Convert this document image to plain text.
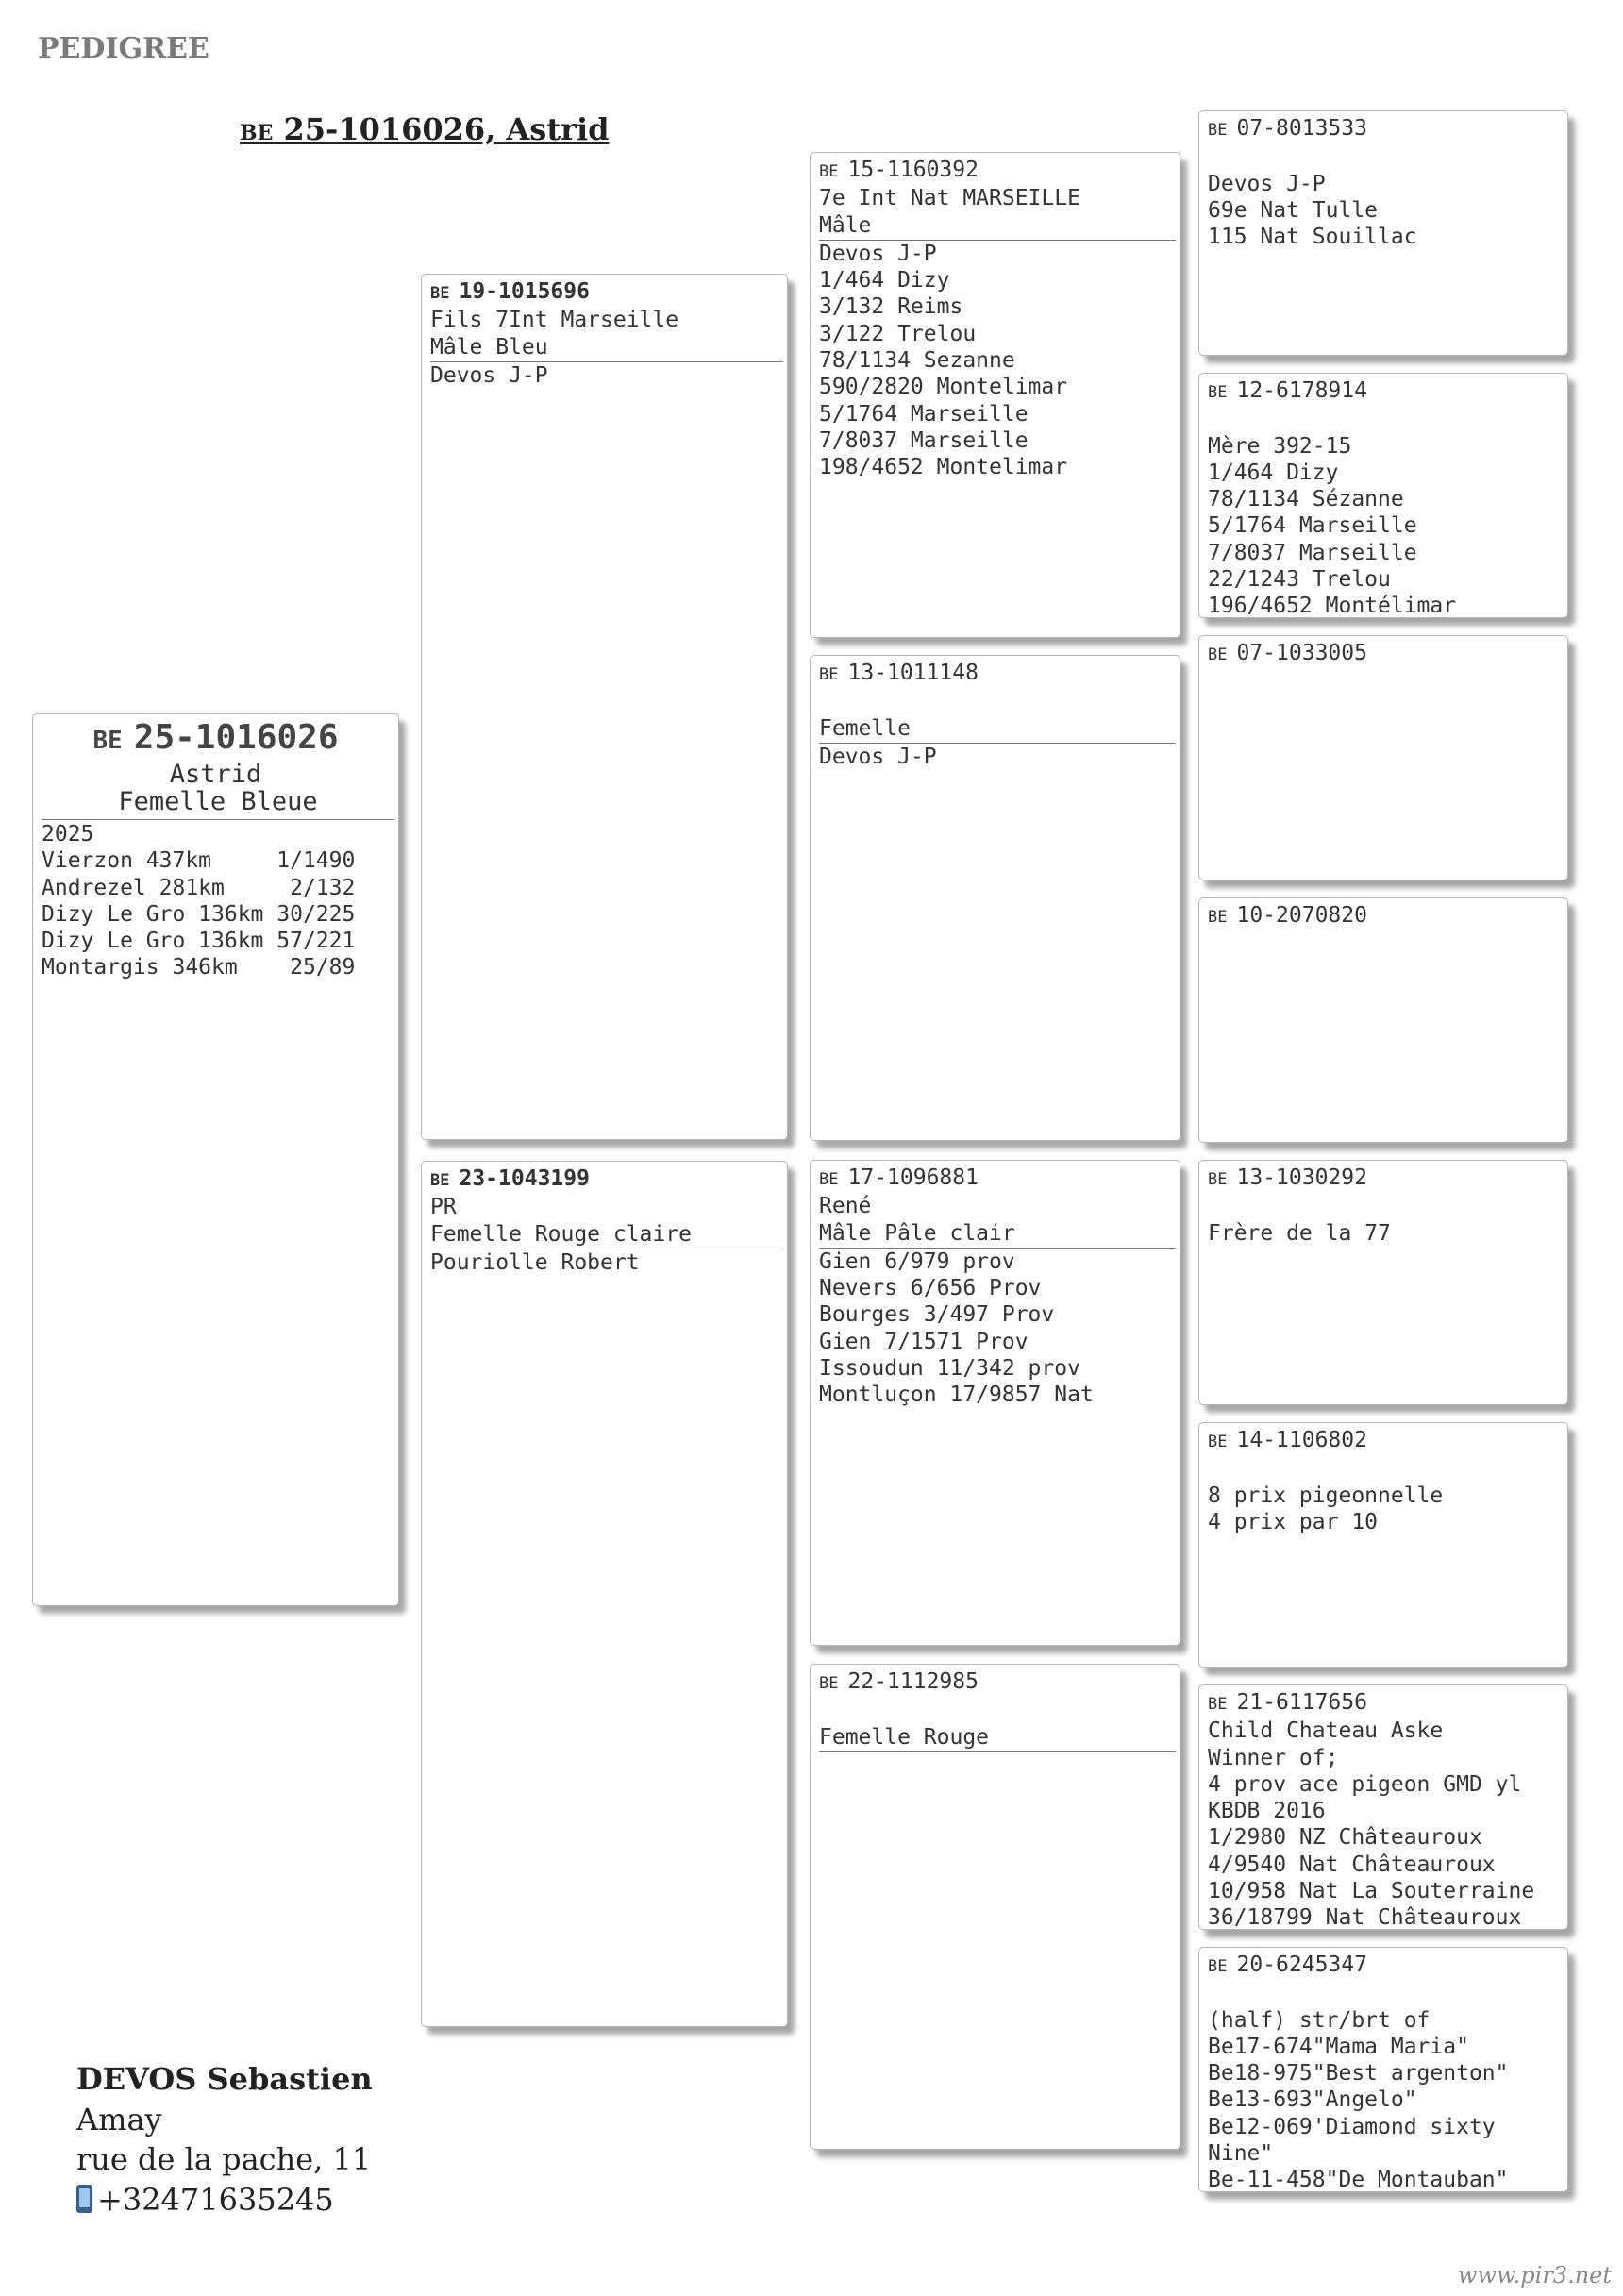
PEDIGREE
BE 25-1016026, Astrid
BE 25-1016026
Astrid
Femelle Bleue
2025
Vierzon 437km     1/1490
Andrezel 281km     2/132
Dizy Le Gro 136km 30/225
Dizy Le Gro 136km 57/221
Montargis 346km    25/89
BE 19-1015696
Fils 7Int Marseille
Mâle Bleu
Devos J-P
BE 23-1043199
PR
Femelle Rouge claire
Pouriolle Robert
BE 15-1160392
7e Int Nat MARSEILLE
Mâle
Devos J-P
1/464 Dizy
3/132 Reims
3/122 Trelou
78/1134 Sezanne
590/2820 Montelimar
5/1764 Marseille
7/8037 Marseille
198/4652 Montelimar
BE 13-1011148
Femelle
Devos J-P
BE 17-1096881
René
Mâle Pâle clair
Gien 6/979 prov
Nevers 6/656 Prov
Bourges 3/497 Prov
Gien 7/1571 Prov
Issoudun 11/342 prov
Montluçon 17/9857 Nat
BE 22-1112985
Femelle Rouge
BE 07-8013533
Devos J-P
69e Nat Tulle
115 Nat Souillac
BE 12-6178914
Mère 392-15
1/464 Dizy
78/1134 Sézanne
5/1764 Marseille
7/8037 Marseille
22/1243 Trelou
196/4652 Montélimar
BE 07-1033005
BE 10-2070820
BE 13-1030292
Frère de la 77
BE 14-1106802
8 prix pigeonnelle
4 prix par 10
BE 21-6117656
Child Chateau Aske
Winner of;
4 prov ace pigeon GMD yl
KBDB 2016
1/2980 NZ Châteauroux
4/9540 Nat Châteauroux
10/958 Nat La Souterraine
36/18799 Nat Châteauroux
BE 20-6245347
(half) str/brt of
Be17-674"Mama Maria"
Be18-975"Best argenton"
Be13-693"Angelo"
Be12-069'Diamond sixty
Nine"
Be-11-458"De Montauban"
DEVOS Sebastien
Amay
rue de la pache, 11
+32471635245
www.pir3.net
